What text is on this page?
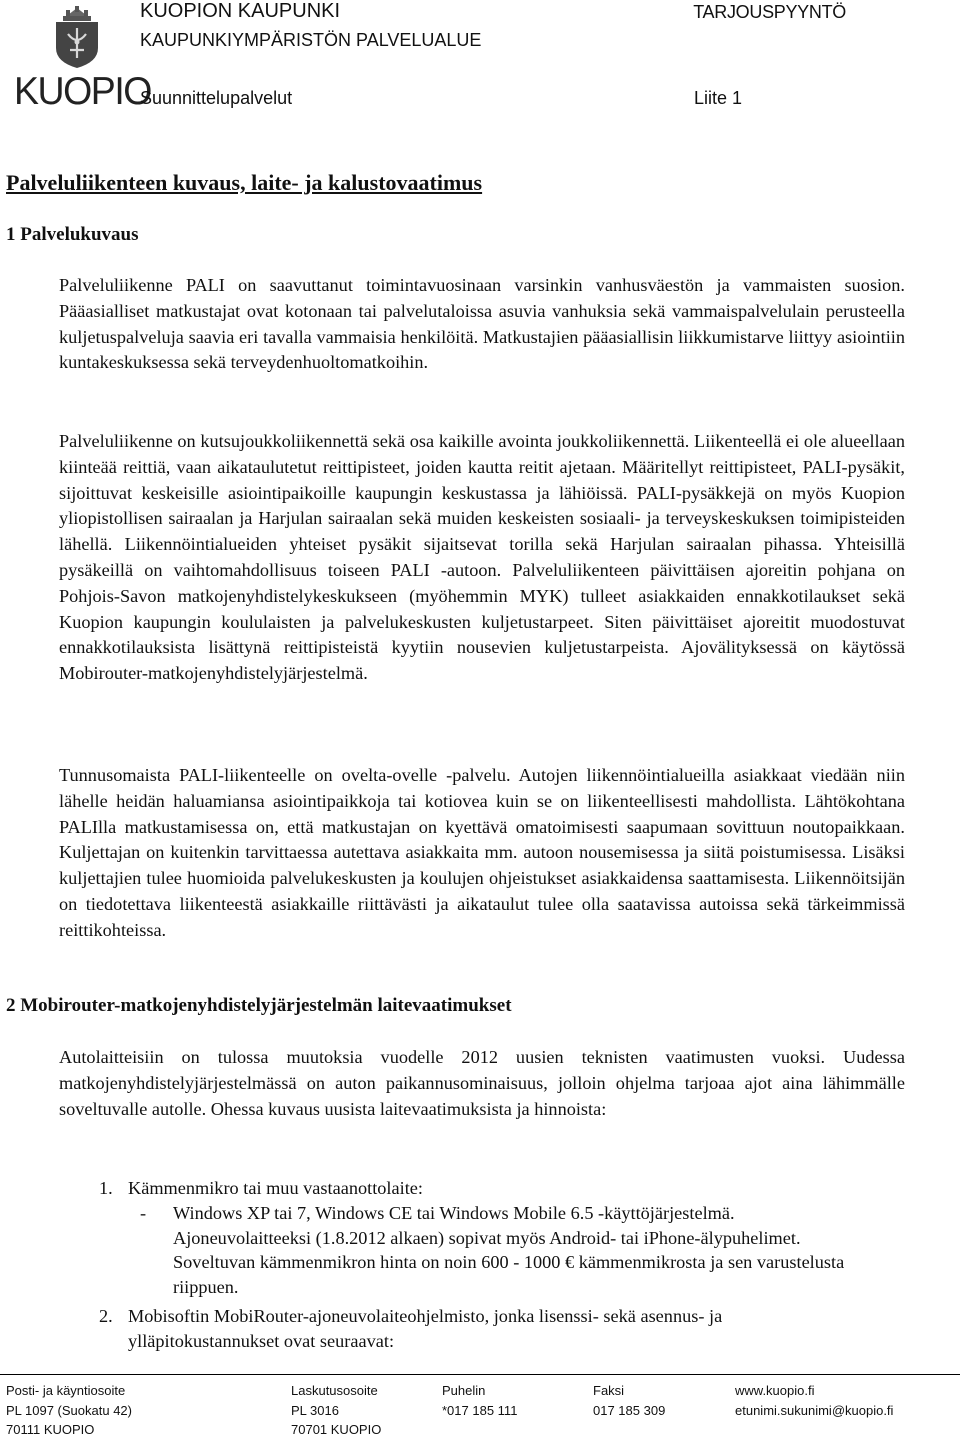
KUOPIO
KUOPION KAUPUNKI
KAUPUNKIYMPÄRISTÖN PALVELUALUE
TARJOUSPYYNTÖ
Suunnittelupalvelut	Liite 1
Palveluliikenteen kuvaus, laite- ja kalustovaatimus
1 Palvelukuvaus

Palveluliikenne PALI on saavuttanut toimintavuosinaan varsinkin vanhusväestön ja vammaisten suosion. Pääasialliset matkustajat ovat kotonaan tai palvelutaloissa asuvia vanhuksia sekä vammaispalvelulain perusteella kuljetuspalveluja saavia eri tavalla vammaisia henkilöitä. Matkustajien pääasiallisin liikkumistarve liittyy asiointiin kuntakeskuksessa sekä terveydenhuoltomatkoihin.

Palveluliikenne on kutsujoukkoliikennettä sekä osa kaikille avointa joukkoliikennettä. Liikenteellä ei ole alueellaan kiinteää reittiä, vaan aikataulutetut reittipisteet, joiden kautta reitit ajetaan. Määritellyt reittipisteet, PALI-pysäkit, sijoittuvat keskeisille asiointipaikoille kaupungin keskustassa ja lähiöissä. PALI-pysäkkejä on myös Kuopion yliopistollisen sairaalan ja Harjulan sairaalan sekä muiden keskeisten sosiaali- ja terveyskeskuksen toimipisteiden lähellä. Liikennöintialueiden yhteiset pysäkit sijaitsevat torilla sekä Harjulan sairaalan pihassa. Yhteisillä pysäkeillä on vaihtomahdollisuus toiseen PALI -autoon. Palveluliikenteen päivittäisen ajoreitin pohjana on Pohjois-Savon matkojenyhdistelykeskukseen (myöhemmin MYK) tulleet asiakkaiden ennakkotilaukset sekä Kuopion kaupungin koululaisten ja palvelukeskusten kuljetustarpeet. Siten päivittäiset ajoreitit muodostuvat ennakkotilauksista lisättynä reittipisteistä kyytiin nousevien kuljetustarpeista. Ajovälityksessä on käytössä Mobirouter-matkojenyhdistelyjärjestelmä.

Tunnusomaista PALI-liikenteelle on ovelta-ovelle -palvelu. Autojen liikennöintialueilla asiakkaat viedään niin lähelle heidän haluamiansa asiointipaikkoja tai kotiovea kuin se on liikenteellisesti mahdollista. Lähtökohtana PALIlla matkustamisessa on, että matkustajan on kyettävä omatoimisesti saapumaan sovittuun noutopaikkaan. Kuljettajan on kuitenkin tarvittaessa autettava asiakkaita mm. autoon nousemisessa ja siitä poistumisessa. Lisäksi kuljettajien tulee huomioida palvelukeskusten ja koulujen ohjeistukset asiakkaidensa saattamisesta. Liikennöitsijän on tiedotettava liikenteestä asiakkaille riittävästi ja aikataulut tulee olla saatavissa autoissa sekä tärkeimmissä reittikohteissa.

2 Mobirouter-matkojenyhdistelyjärjestelmän laitevaatimukset

Autolaitteisiin on tulossa muutoksia vuodelle 2012 uusien teknisten vaatimusten vuoksi. Uudessa matkojenyhdistelyjärjestelmässä on auton paikannusominaisuus, jolloin ohjelma tarjoaa ajot aina lähimmälle soveltuvalle autolle. Ohessa kuvaus uusista laitevaatimuksista ja hinnoista:

1. Kämmenmikro tai muu vastaanottolaite:
- Windows XP tai 7, Windows CE tai Windows Mobile 6.5 -käyttöjärjestelmä. Ajoneuvolaitteeksi (1.8.2012 alkaen) sopivat myös Android- tai iPhone-älypuhelimet. Soveltuvan kämmenmikron hinta on noin 600 - 1000 € kämmenmikrosta ja sen varustelusta riippuen.
2. Mobisoftin MobiRouter-ajoneuvolaiteohjelmisto, jonka lisenssi- sekä asennus- ja ylläpitokustannukset ovat seuraavat:
Posti- ja käyntiosoite
PL 1097 (Suokatu 42)
70111 KUOPIO
Laskutusosoite
PL 3016
70701 KUOPIO
Puhelin
*017 185 111
Faksi
017 185 309
www.kuopio.fi
etunimi.sukunimi@kuopio.fi
